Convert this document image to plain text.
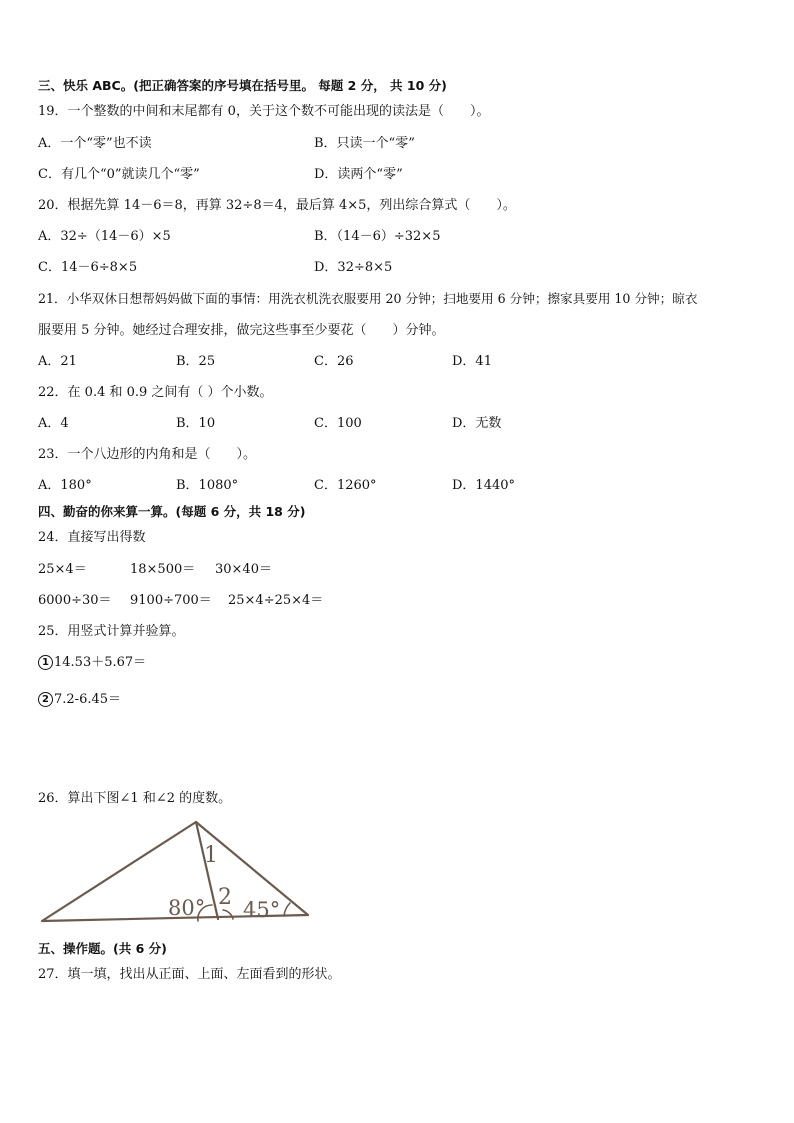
三、快乐 ABC。(把正确答案的序号填在括号里。 每题 2 分， 共 10 分)
19．一个整数的中间和末尾都有 0，关于这个数不可能出现的读法是（　　）。
A．一个“零”也不读	B．只读一个“零”
C．有几个“0”就读几个“零”	D．读两个“零”
20．根据先算 14－6＝8，再算 32÷8＝4，最后算 4×5，列出综合算式（　　）。
A．32÷（14－6）×5	B．（14－6）÷32×5
C．14－6÷8×5	D．32÷8×5
21．小华双休日想帮妈妈做下面的事情：用洗衣机洗衣服要用 20 分钟；扫地要用 6 分钟；擦家具要用 10 分钟；晾衣
服要用 5 分钟。她经过合理安排，做完这些事至少要花（　　）分钟。
A．21	B．25	C．26	D．41
22．在 0.4 和 0.9 之间有（ ）个小数。
A．4	B．10	C．100	D．无数
23．一个八边形的内角和是（　　）。
A．180°	B．1080°	C．1260°	D．1440°
四、勤奋的你来算一算。(每题 6 分，共 18 分)
24．直接写出得数
25×4＝	18×500＝ 30×40＝
6000÷30＝ 9100÷700＝ 25×4÷25×4＝
25．用竖式计算并验算。
1 14.53＋5.67＝
2 7.2-6.45＝
26．算出下图∠1 和∠2 的度数。
1
2
80° 45°
五、操作题。(共 6 分)
27．填一填，找出从正面、上面、左面看到的形状。
